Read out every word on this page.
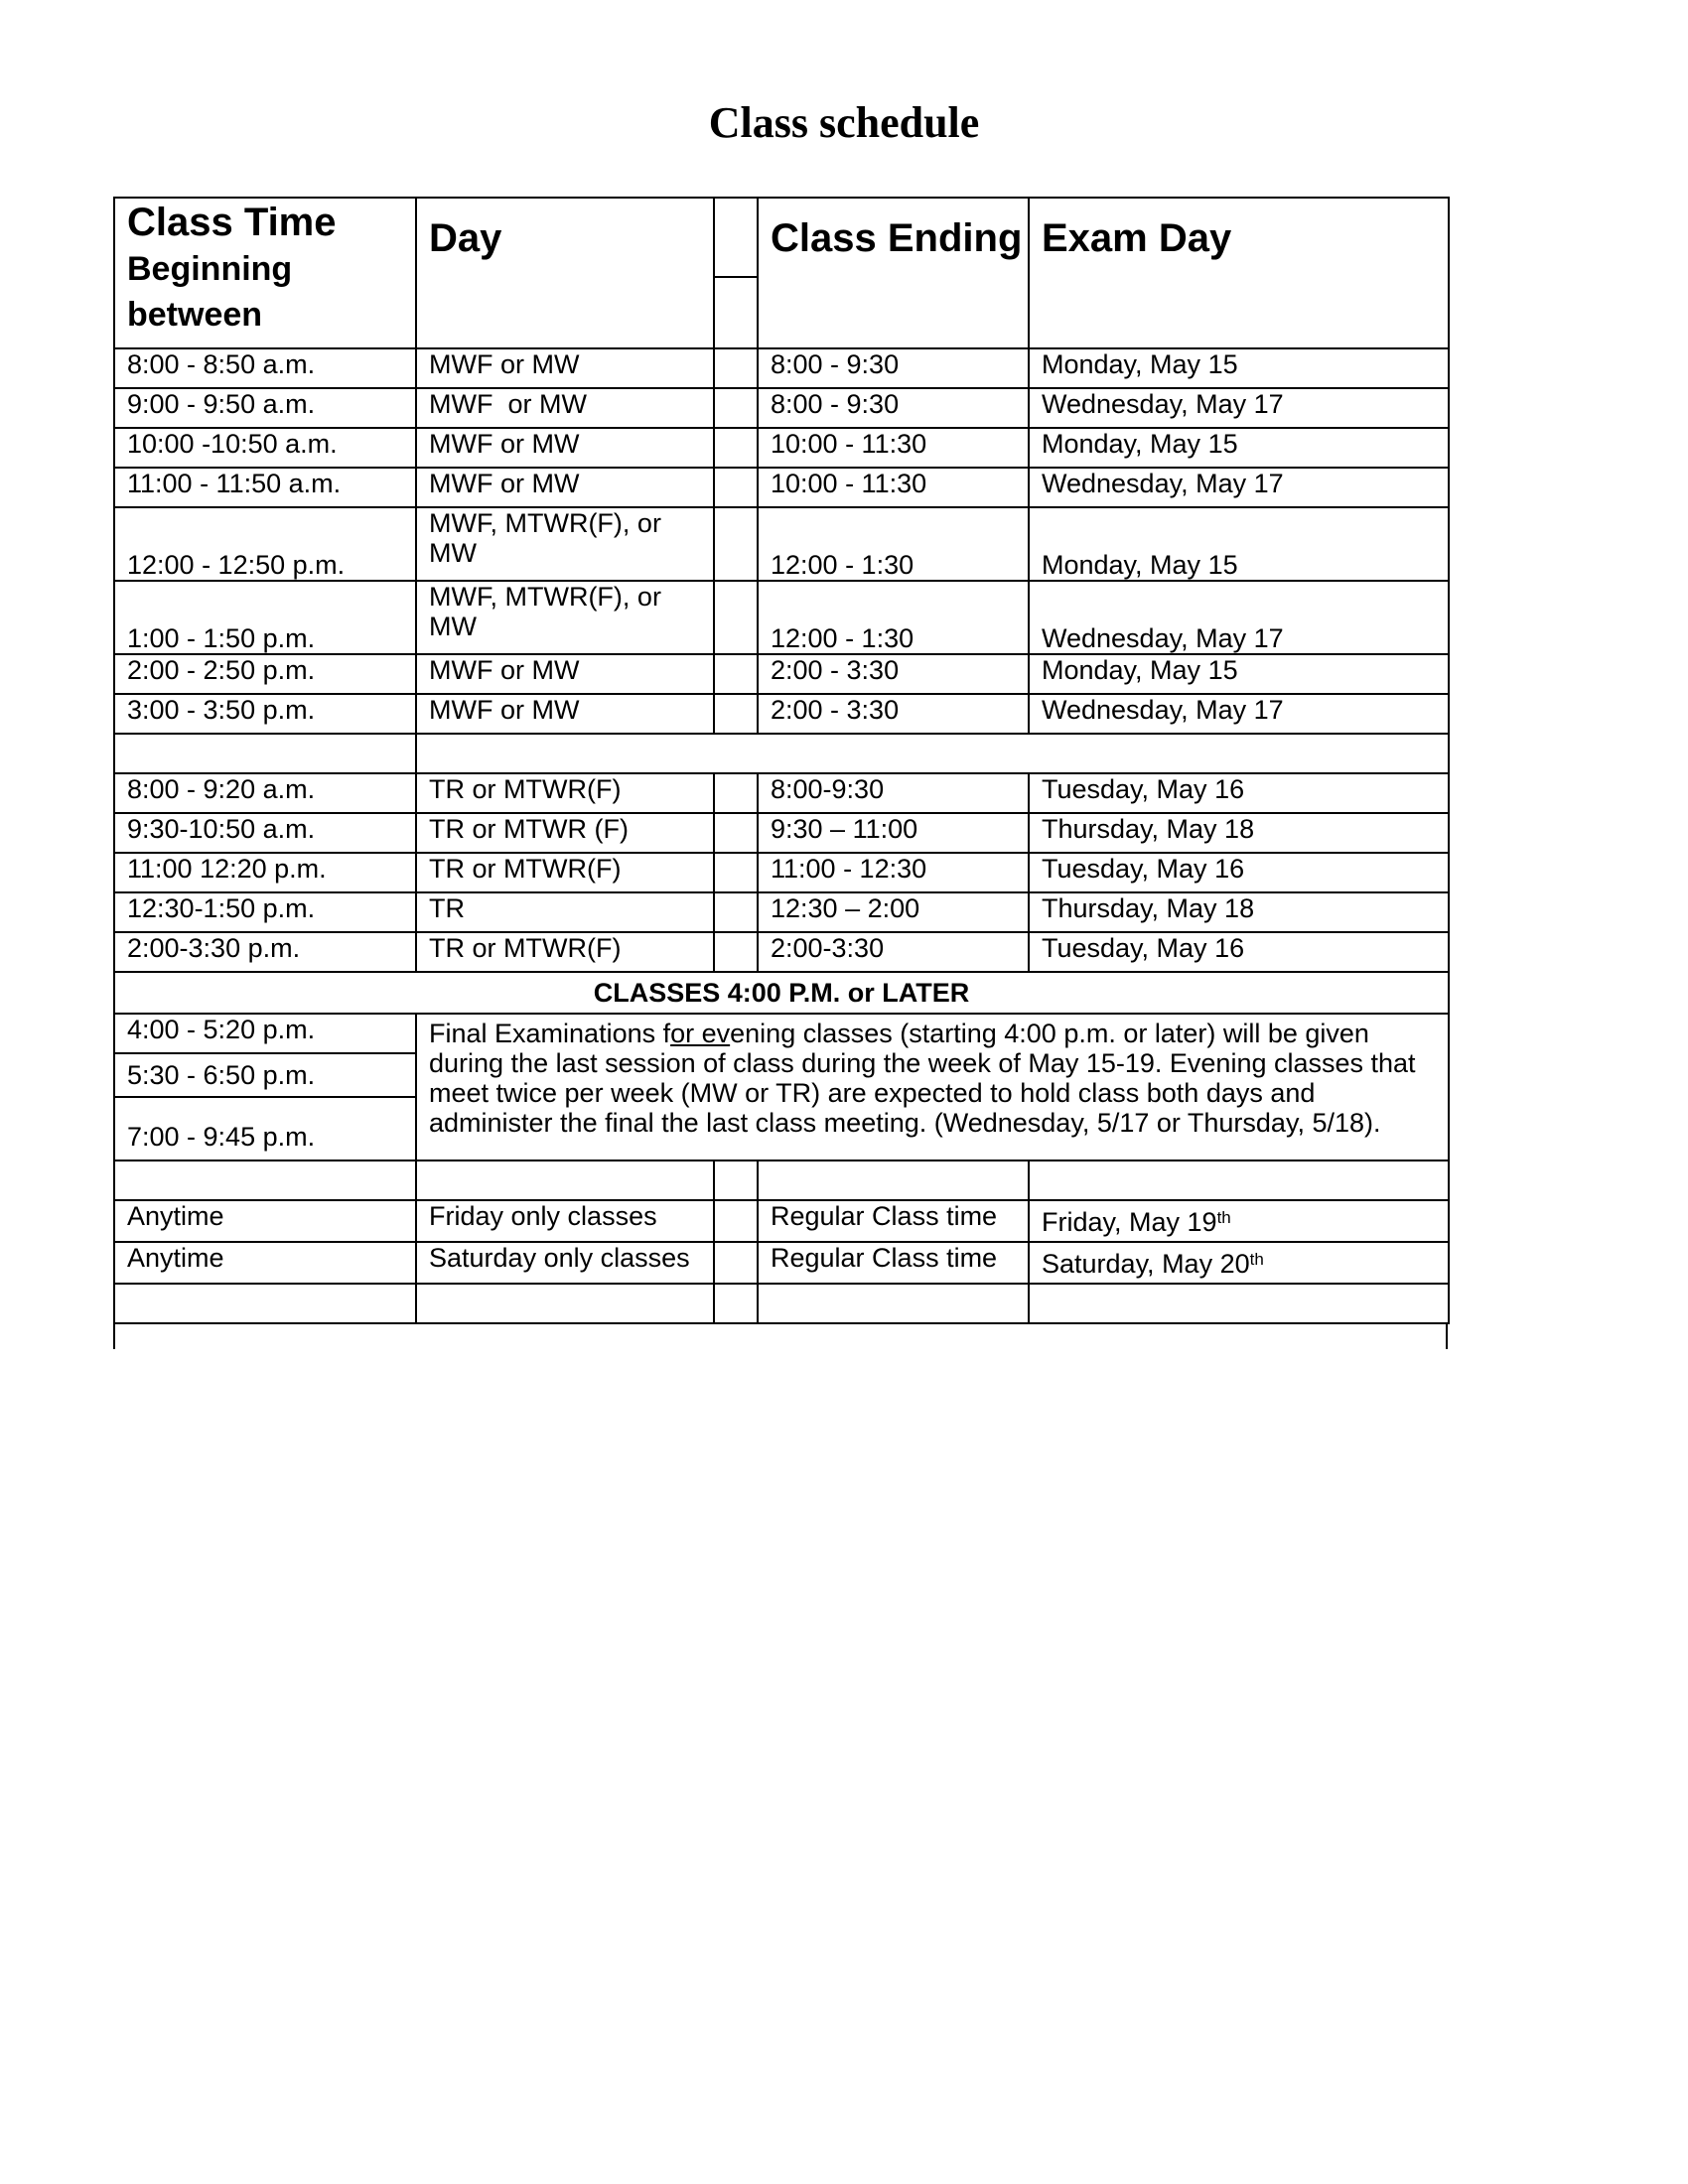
Class schedule
Class Time
Beginning
between

Day		Class Ending	Exam Day

8:00 - 8:50 a.m.	MWF or MW		8:00 - 9:30	Monday, May 15
9:00 - 9:50 a.m.	MWF  or MW		8:00 - 9:30	Wednesday, May 17
10:00 -10:50 a.m.	MWF or MW		10:00 - 11:30	Monday, May 15
11:00 - 11:50 a.m.	MWF or MW		10:00 - 11:30	Wednesday, May 17
12:00 - 12:50 p.m.	MWF, MTWR(F), or MW		12:00 - 1:30	Monday, May 15
1:00 - 1:50 p.m.	MWF, MTWR(F), or MW		12:00 - 1:30	Wednesday, May 17
2:00 - 2:50 p.m.	MWF or MW		2:00 - 3:30	Monday, May 15
3:00 - 3:50 p.m.	MWF or MW		2:00 - 3:30	Wednesday, May 17

8:00 - 9:20 a.m.	TR or MTWR(F)		8:00-9:30	Tuesday, May 16
9:30-10:50 a.m.	TR or MTWR (F)		9:30 – 11:00	Thursday, May 18
11:00 12:20 p.m.	TR or MTWR(F)		11:00 - 12:30	Tuesday, May 16
12:30-1:50 p.m.	TR		12:30 – 2:00	Thursday, May 18
2:00-3:30 p.m.	TR or MTWR(F)		2:00-3:30	Tuesday, May 16
CLASSES 4:00 P.M. or LATER
4:00 - 5:20 p.m.	Final Examinations for evening classes (starting 4:00 p.m. or later) will be given during the last session of class during the week of May 15-19. Evening classes that meet twice per week (MW or TR) are expected to hold class both days and administer the final the last class meeting. (Wednesday, 5/17 or Thursday, 5/18).

5:30 - 6:50 p.m.
7:00 - 9:45 p.m.

Anytime	Friday only classes		Regular Class time	Friday, May 19th
Anytime	Saturday only classes		Regular Class time	Saturday, May 20th
